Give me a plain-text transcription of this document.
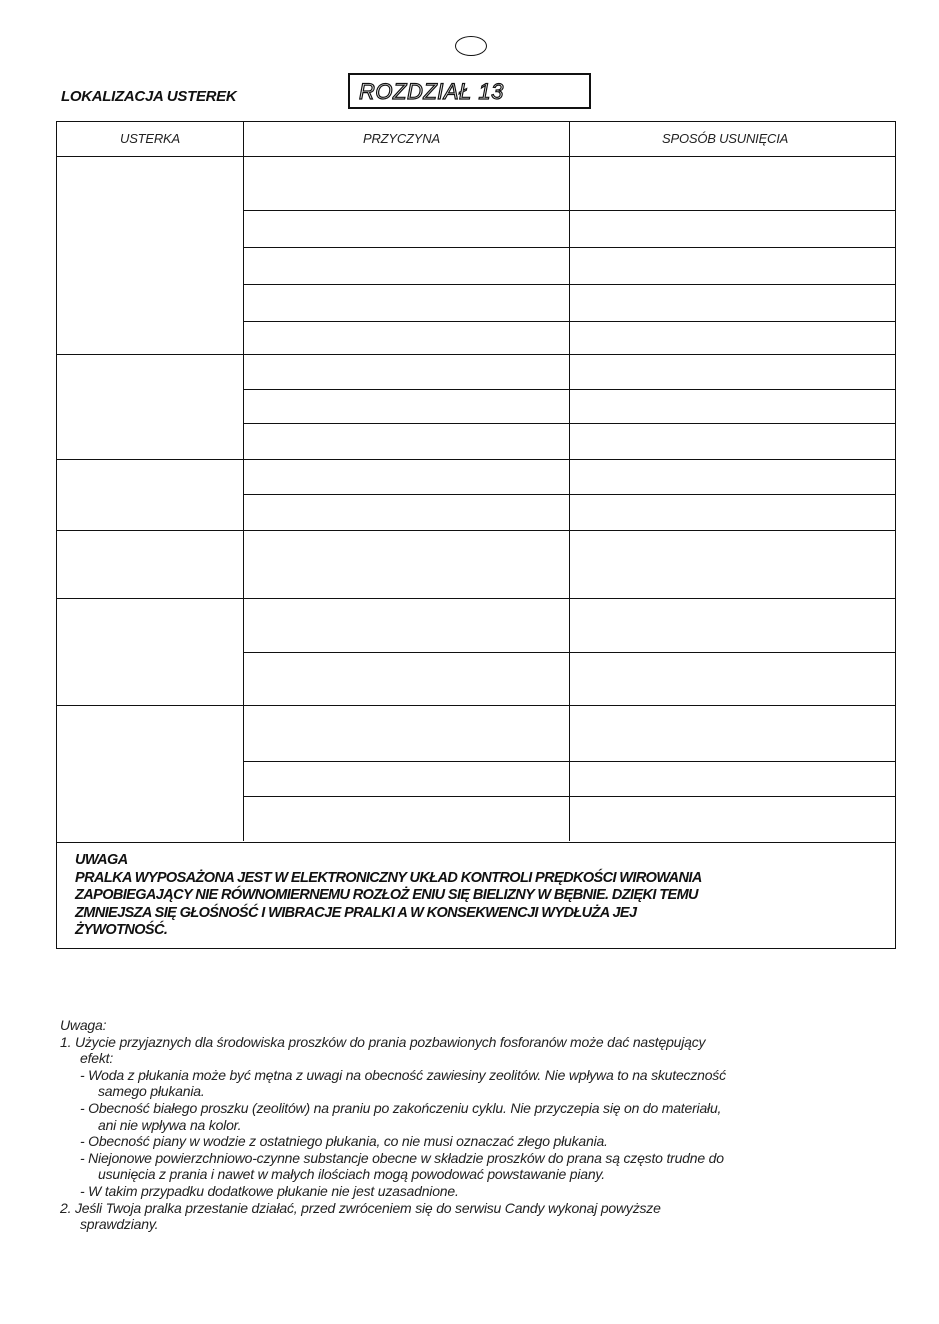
LOKALIZACJA USTEREK	ROZDZIAŁ 13
USTERKA	PRZYCZYNA	SPOSÓB USUNIĘCIA
UWAGA
PRALKA WYPOSAŻONA JEST W ELEKTRONICZNY UKŁAD KONTROLI PRĘDKOŚCI WIROWANIA
ZAPOBIEGAJĄCY NIE RÓWNOMIERNEMU ROZŁOŻ ENIU SIĘ BIELIZNY W BĘBNIE. DZIĘKI TEMU
ZMNIEJSZA SIĘ GŁOŚNOŚĆ I WIBRACJE PRALKI A W KONSEKWENCJI WYDŁUŻA JEJ
ŻYWOTNOŚĆ.
Uwaga:
1. Użycie przyjaznych dla środowiska proszków do prania pozbawionych fosforanów może dać następujący
efekt:
- Woda z płukania może być mętna z uwagi na obecność zawiesiny zeolitów. Nie wpływa to na skuteczność
samego płukania.
- Obecność białego proszku (zeolitów) na praniu po zakończeniu cyklu. Nie przyczepia się on do materiału,
ani nie wpływa na kolor.
- Obecność piany w wodzie z ostatniego płukania, co nie musi oznaczać złego płukania.
- Niejonowe powierzchniowo-czynne substancje obecne w składzie proszków do prana są często trudne do
usunięcia z prania i nawet w małych ilościach mogą powodować powstawanie piany.
- W takim przypadku dodatkowe płukanie nie jest uzasadnione.
2. Jeśli Twoja pralka przestanie działać, przed zwróceniem się do serwisu Candy wykonaj powyższe
sprawdziany.
